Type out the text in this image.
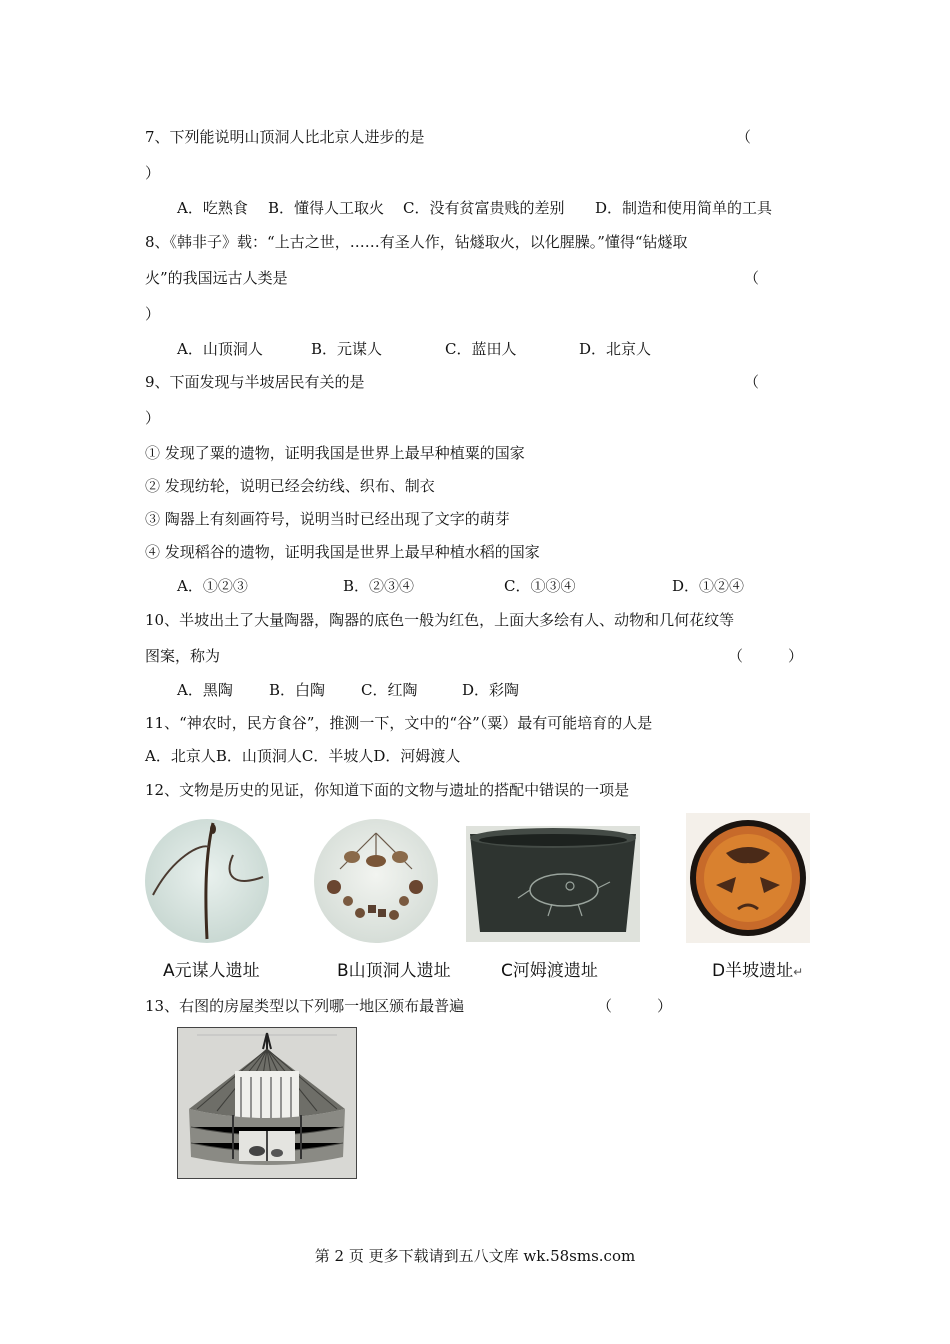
7、下列能说明山顶洞人比北京人进步的是	（
）
A．吃熟食 B．懂得人工取火 C．没有贫富贵贱的差别 D．制造和使用简单的工具
8、《韩非子》载：“上古之世，……有圣人作，钻燧取火，以化腥臊。”懂得“钻燧取
火”的我国远古人类是	（
）
A．山顶洞人	B．元谋人	C．蓝田人	D．北京人
9、下面发现与半坡居民有关的是	（
）
① 发现了粟的遗物，证明我国是世界上最早种植粟的国家
② 发现纺轮，说明已经会纺线、织布、制衣
③ 陶器上有刻画符号，说明当时已经出现了文字的萌芽
④ 发现稻谷的遗物，证明我国是世界上最早种植水稻的国家
A．①②③	B．②③④	C．①③④	D．①②④
10、半坡出土了大量陶器，陶器的底色一般为红色，上面大多绘有人、动物和几何花纹等
图案，称为	（　　　）
A．黑陶 B．白陶 C．红陶	D．彩陶
11、“神农时，民方食谷”，推测一下，文中的“谷”（粟）最有可能培育的人是
A．北京人B．山顶洞人C．半坡人D．河姆渡人
12、文物是历史的见证，你知道下面的文物与遗址的搭配中错误的一项是
A元谋人遗址	B山顶洞人遗址	C河姆渡遗址	D半坡遗址↵
13、右图的房屋类型以下列哪一地区颁布最普遍	（　　　）
第 2 页 更多下载请到五八文库 wk.58sms.com
